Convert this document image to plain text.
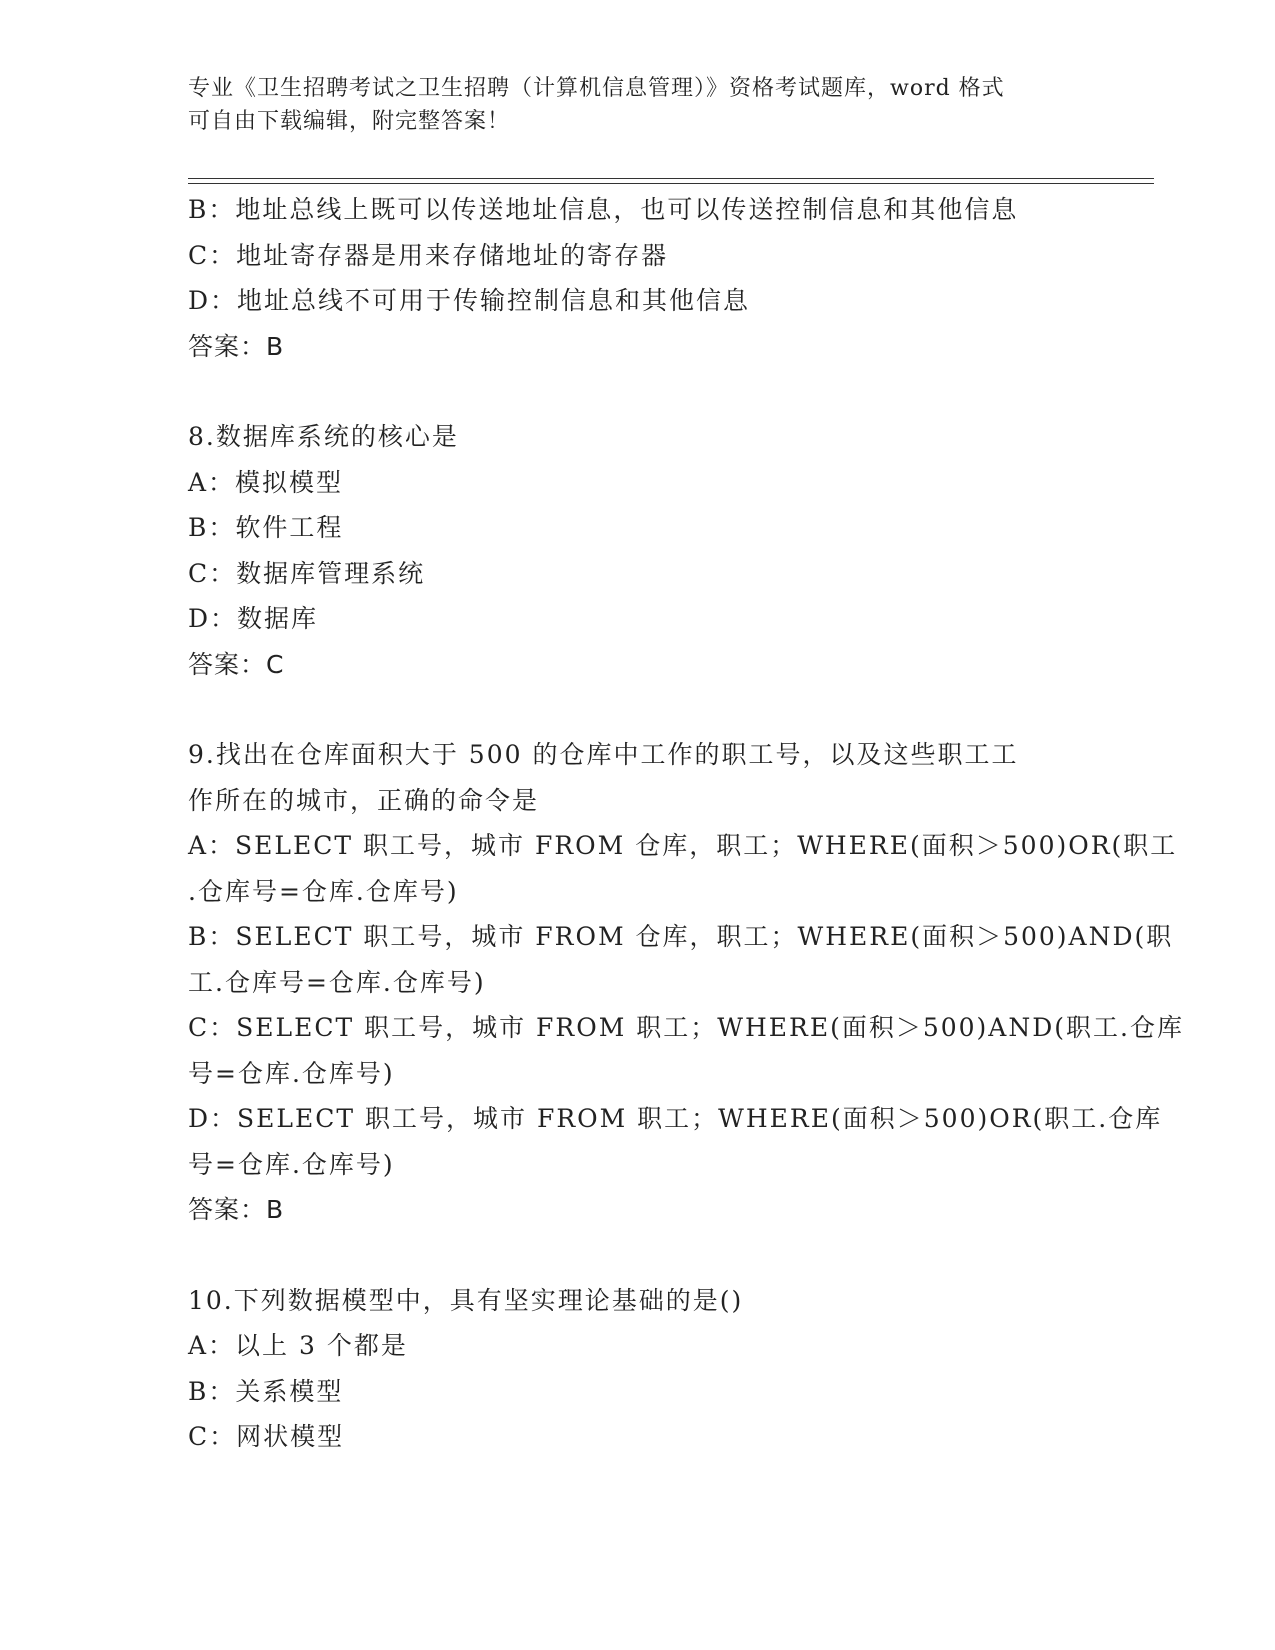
专业《卫生招聘考试之卫生招聘（计算机信息管理）》资格考试题库，word 格式
可自由下载编辑，附完整答案！
B：地址总线上既可以传送地址信息，也可以传送控制信息和其他信息
C：地址寄存器是用来存储地址的寄存器
D：地址总线不可用于传输控制信息和其他信息
答案：B
8.数据库系统的核心是
A：模拟模型
B：软件工程
C：数据库管理系统
D：数据库
答案：C
9.找出在仓库面积大于 500 的仓库中工作的职工号，以及这些职工工
作所在的城市，正确的命令是
A：SELECT 职工号，城市 FROM 仓库，职工；WHERE(面积＞500)OR(职工
.仓库号=仓库.仓库号)
B：SELECT 职工号，城市 FROM 仓库，职工；WHERE(面积＞500)AND(职
工.仓库号=仓库.仓库号)
C：SELECT 职工号，城市 FROM 职工；WHERE(面积＞500)AND(职工.仓库
号=仓库.仓库号)
D：SELECT 职工号，城市 FROM 职工；WHERE(面积＞500)OR(职工.仓库
号=仓库.仓库号)
答案：B
10.下列数据模型中，具有坚实理论基础的是()
A：以上 3 个都是
B：关系模型
C：网状模型
